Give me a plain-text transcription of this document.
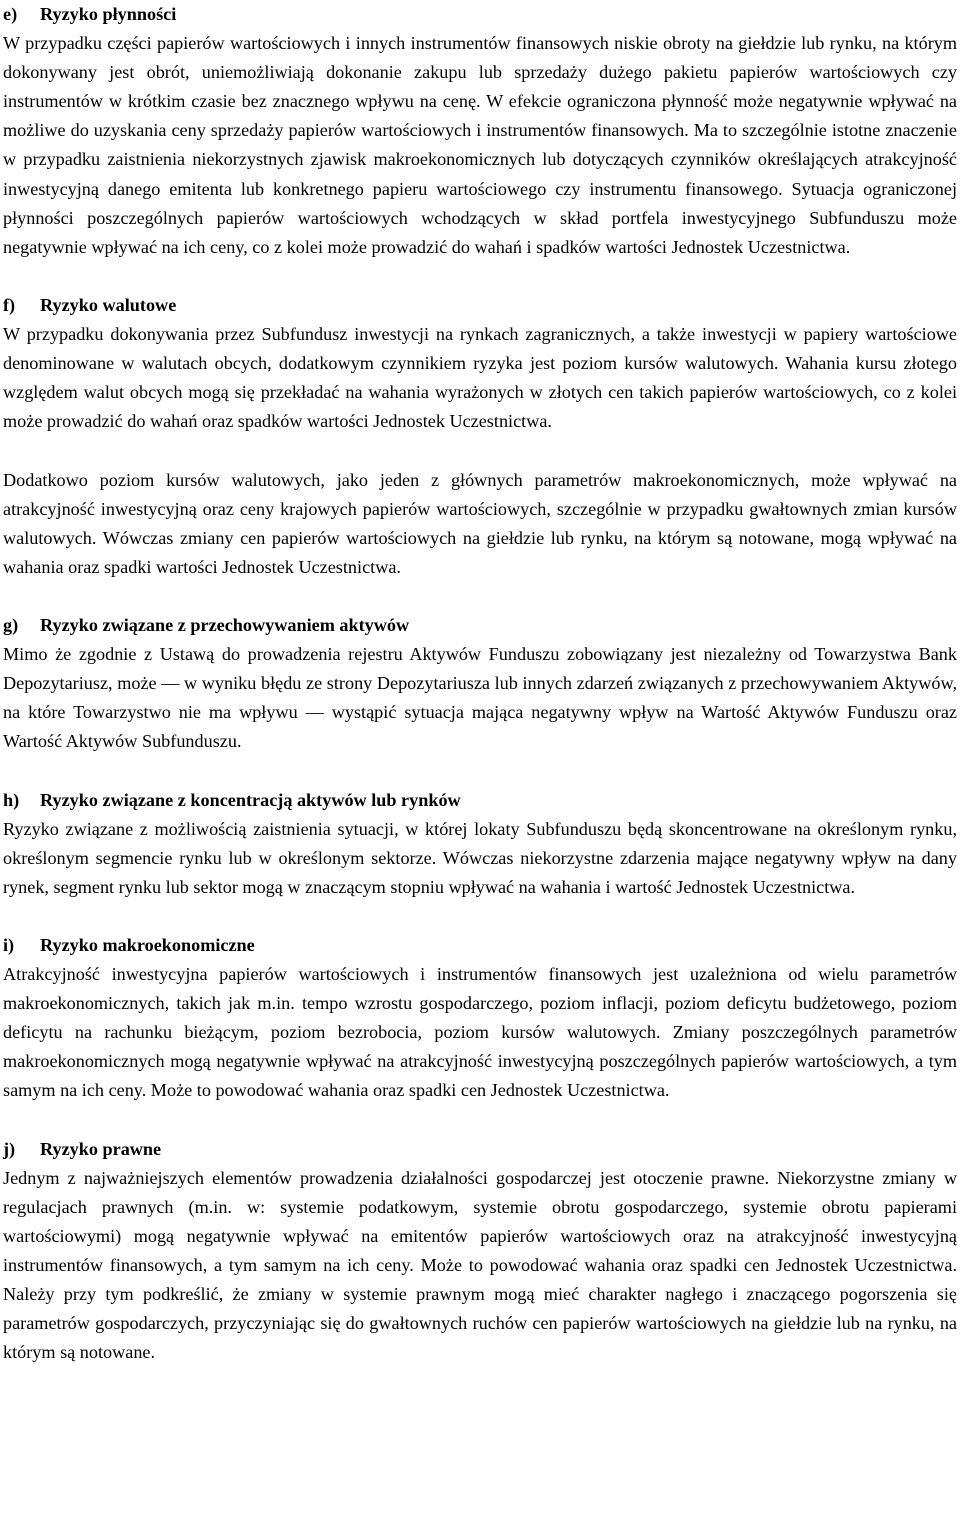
e) Ryzyko płynności

W przypadku części papierów wartościowych i innych instrumentów finansowych niskie obroty na giełdzie lub rynku, na którym dokonywany jest obrót, uniemożliwiają dokonanie zakupu lub sprzedaży dużego pakietu papierów wartościowych czy instrumentów w krótkim czasie bez znacznego wpływu na cenę. W efekcie ograniczona płynność może negatywnie wpływać na możliwe do uzyskania ceny sprzedaży papierów wartościowych i instrumentów finansowych. Ma to szczególnie istotne znaczenie w przypadku zaistnienia niekorzystnych zjawisk makroekonomicznych lub dotyczących czynników określających atrakcyjność inwestycyjną danego emitenta lub konkretnego papieru wartościowego czy instrumentu finansowego. Sytuacja ograniczonej płynności poszczególnych papierów wartościowych wchodzących w skład portfela inwestycyjnego Subfunduszu może negatywnie wpływać na ich ceny, co z kolei może prowadzić do wahań i spadków wartości Jednostek Uczestnictwa.

f) Ryzyko walutowe

W przypadku dokonywania przez Subfundusz inwestycji na rynkach zagranicznych, a także inwestycji w papiery wartościowe denominowane w walutach obcych, dodatkowym czynnikiem ryzyka jest poziom kursów walutowych. Wahania kursu złotego względem walut obcych mogą się przekładać na wahania wyrażonych w złotych cen takich papierów wartościowych, co z kolei może prowadzić do wahań oraz spadków wartości Jednostek Uczestnictwa.

Dodatkowo poziom kursów walutowych, jako jeden z głównych parametrów makroekonomicznych, może wpływać na atrakcyjność inwestycyjną oraz ceny krajowych papierów wartościowych, szczególnie w przypadku gwałtownych zmian kursów walutowych. Wówczas zmiany cen papierów wartościowych na giełdzie lub rynku, na którym są notowane, mogą wpływać na wahania oraz spadki wartości Jednostek Uczestnictwa.

g) Ryzyko związane z przechowywaniem aktywów

Mimo że zgodnie z Ustawą do prowadzenia rejestru Aktywów Funduszu zobowiązany jest niezależny od Towarzystwa Bank Depozytariusz, może — w wyniku błędu ze strony Depozytariusza lub innych zdarzeń związanych z przechowywaniem Aktywów, na które Towarzystwo nie ma wpływu — wystąpić sytuacja mająca negatywny wpływ na Wartość Aktywów Funduszu oraz Wartość Aktywów Subfunduszu.

h) Ryzyko związane z koncentracją aktywów lub rynków

Ryzyko związane z możliwością zaistnienia sytuacji, w której lokaty Subfunduszu będą skoncentrowane na określonym rynku, określonym segmencie rynku lub w określonym sektorze. Wówczas niekorzystne zdarzenia mające negatywny wpływ na dany rynek, segment rynku lub sektor mogą w znaczącym stopniu wpływać na wahania i wartość Jednostek Uczestnictwa.

i) Ryzyko makroekonomiczne

Atrakcyjność inwestycyjna papierów wartościowych i instrumentów finansowych jest uzależniona od wielu parametrów makroekonomicznych, takich jak m.in. tempo wzrostu gospodarczego, poziom inflacji, poziom deficytu budżetowego, poziom deficytu na rachunku bieżącym, poziom bezrobocia, poziom kursów walutowych. Zmiany poszczególnych parametrów makroekonomicznych mogą negatywnie wpływać na atrakcyjność inwestycyjną poszczególnych papierów wartościowych, a tym samym na ich ceny. Może to powodować wahania oraz spadki cen Jednostek Uczestnictwa.

j) Ryzyko prawne

Jednym z najważniejszych elementów prowadzenia działalności gospodarczej jest otoczenie prawne. Niekorzystne zmiany w regulacjach prawnych (m.in. w: systemie podatkowym, systemie obrotu gospodarczego, systemie obrotu papierami wartościowymi) mogą negatywnie wpływać na emitentów papierów wartościowych oraz na atrakcyjność inwestycyjną instrumentów finansowych, a tym samym na ich ceny. Może to powodować wahania oraz spadki cen Jednostek Uczestnictwa. Należy przy tym podkreślić, że zmiany w systemie prawnym mogą mieć charakter nagłego i znaczącego pogorszenia się parametrów gospodarczych, przyczyniając się do gwałtownych ruchów cen papierów wartościowych na giełdzie lub na rynku, na którym są notowane.
